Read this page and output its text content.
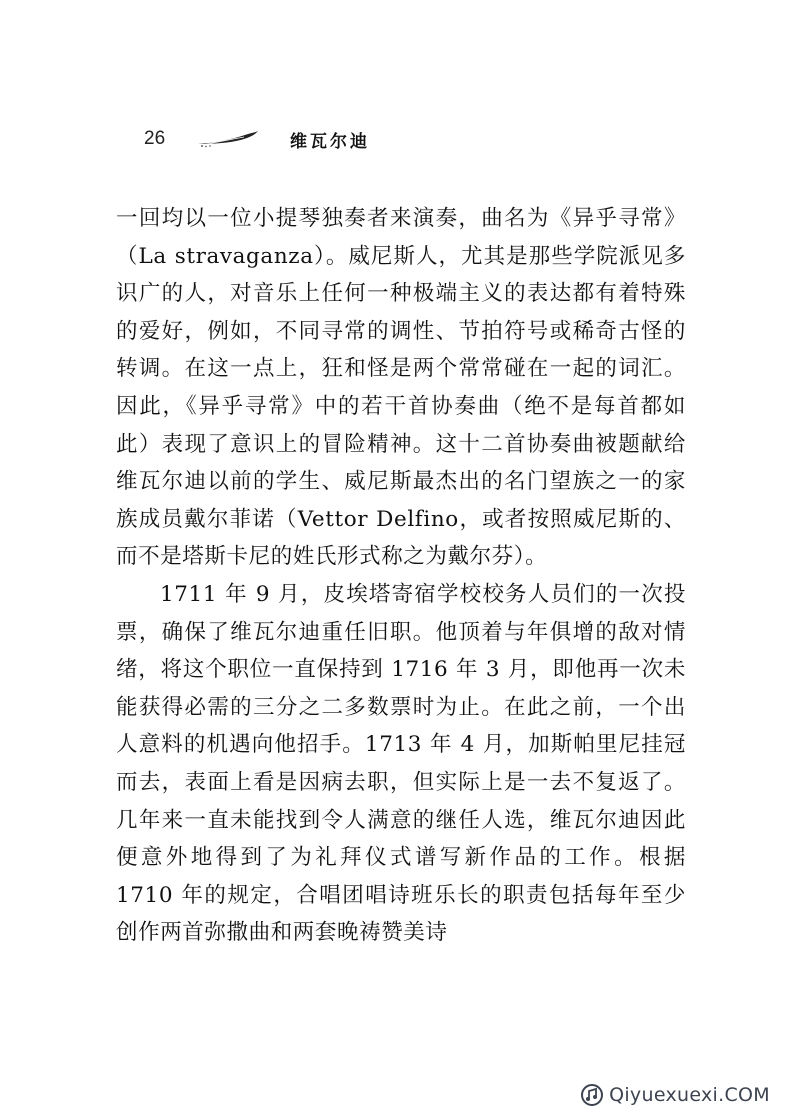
26	维瓦尔迪

一回均以一位小提琴独奏者来演奏，曲名为《异乎寻常》（La stravaganza）。威尼斯人，尤其是那些学院派见多识广的人，对音乐上任何一种极端主义的表达都有着特殊的爱好，例如，不同寻常的调性、节拍符号或稀奇古怪的转调。在这一点上，狂和怪是两个常常碰在一起的词汇。因此，《异乎寻常》中的若干首协奏曲（绝不是每首都如此）表现了意识上的冒险精神。这十二首协奏曲被题献给维瓦尔迪以前的学生、威尼斯最杰出的名门望族之一的家族成员戴尔菲诺（Vettor Delfino，或者按照威尼斯的、而不是塔斯卡尼的姓氏形式称之为戴尔芬）。

1711 年 9 月，皮埃塔寄宿学校校务人员们的一次投票，确保了维瓦尔迪重任旧职。他顶着与年俱增的敌对情绪，将这个职位一直保持到 1716 年 3 月，即他再一次未能获得必需的三分之二多数票时为止。在此之前，一个出人意料的机遇向他招手。1713 年 4 月，加斯帕里尼挂冠而去，表面上看是因病去职，但实际上是一去不复返了。几年来一直未能找到令人满意的继任人选，维瓦尔迪因此便意外地得到了为礼拜仪式谱写新作品的工作。根据 1710 年的规定，合唱团唱诗班乐长的职责包括每年至少创作两首弥撒曲和两套晚祷赞美诗

Qiyuexuexi.COM
